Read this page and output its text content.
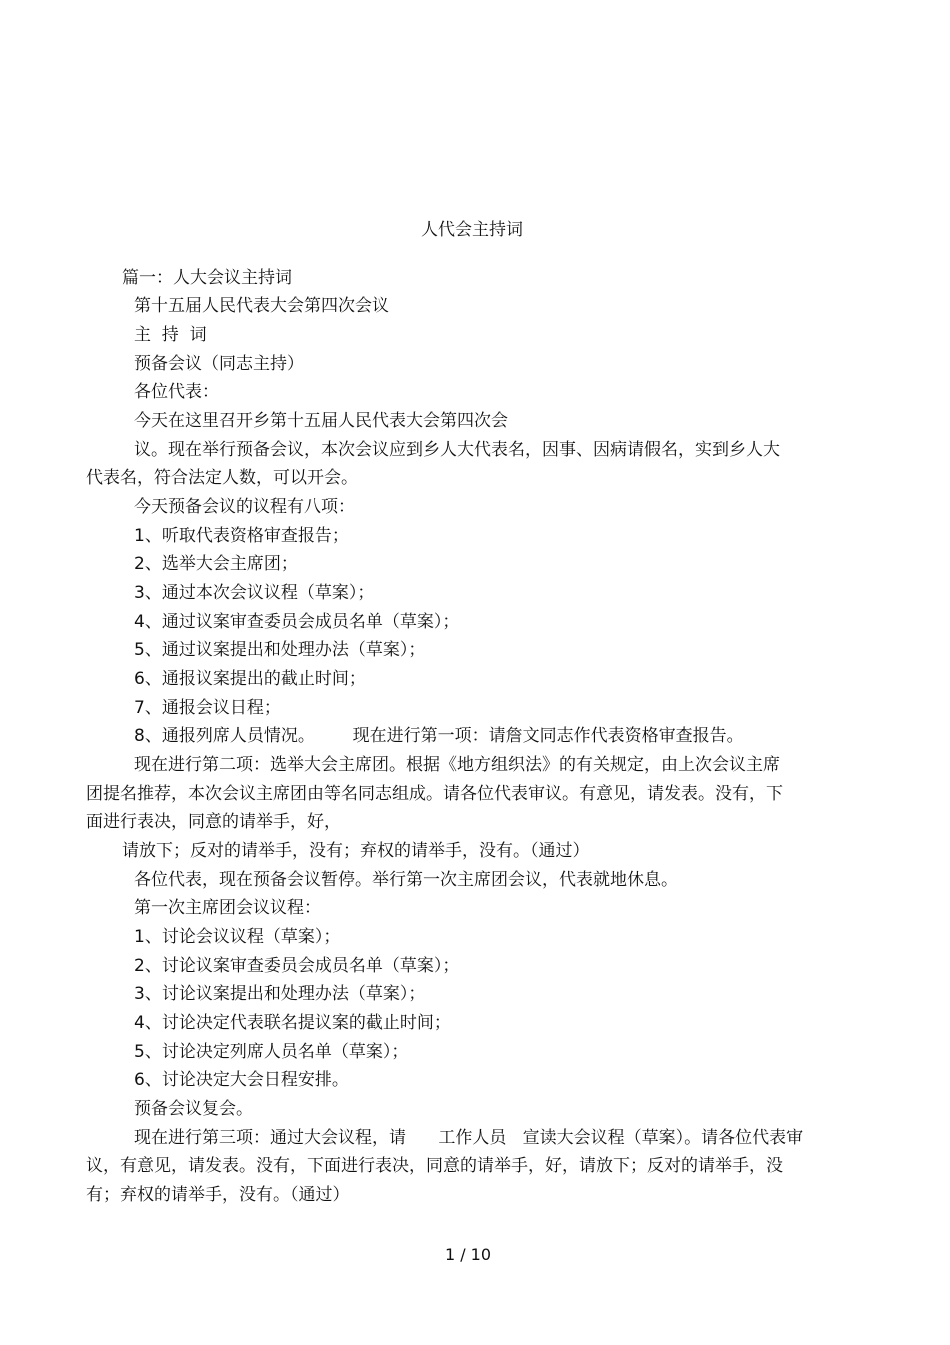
人代会主持词
篇一：人大会议主持词
第十五届人民代表大会第四次会议
主  持  词
预备会议（同志主持）
各位代表：
今天在这里召开乡第十五届人民代表大会第四次会
议。现在举行预备会议，本次会议应到乡人大代表名，因事、因病请假名，实到乡人大
代表名，符合法定人数，可以开会。
今天预备会议的议程有八项：
1、听取代表资格审查报告；
2、选举大会主席团；
3、通过本次会议议程（草案）；
4、通过议案审查委员会成员名单（草案）；
5、通过议案提出和处理办法（草案）；
6、通报议案提出的截止时间；
7、通报会议日程；
8、通报列席人员情况。       现在进行第一项：请詹文同志作代表资格审查报告。
现在进行第二项：选举大会主席团。根据《地方组织法》的有关规定，由上次会议主席
团提名推荐，本次会议主席团由等名同志组成。请各位代表审议。有意见，请发表。没有，下
面进行表决，同意的请举手，好，
请放下；反对的请举手，没有；弃权的请举手，没有。（通过）
各位代表，现在预备会议暂停。举行第一次主席团会议，代表就地休息。
第一次主席团会议议程：
1、讨论会议议程（草案）；
2、讨论议案审查委员会成员名单（草案）；
3、讨论议案提出和处理办法（草案）；
4、讨论决定代表联名提议案的截止时间；
5、讨论决定列席人员名单（草案）；
6、讨论决定大会日程安排。
预备会议复会。
现在进行第三项：通过大会议程，请      工作人员   宣读大会议程（草案）。请各位代表审
议，有意见，请发表。没有，下面进行表决，同意的请举手，好，请放下；反对的请举手，没
有；弃权的请举手，没有。（通过）
1 / 10
